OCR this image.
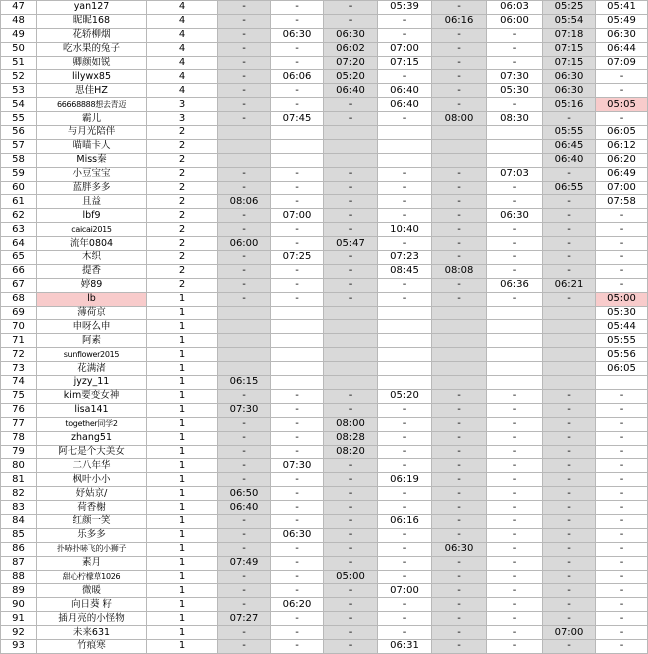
47	yan127	4	-	-	-	05:39	-	06:03	05:25	05:41
48	昵昵168	4	-	-	-	-	06:16	06:00	05:54	05:49
49	花轿柳烟	4	-	06:30	06:30	-	-	-	07:18	06:30
50	吃水果的兔子	4	-	-	06:02	07:00	-	-	07:15	06:44
51	卿颜如锐	4	-	-	07:20	07:15	-	-	07:15	07:09
52	lilywx85	4	-	06:06	05:20	-	-	07:30	06:30	-
53	思佳HZ	4	-	-	06:40	06:40	-	05:30	06:30	-
54	66668888想去青迈	3	-	-	-	06:40	-	-	05:16	05:05
55	霸儿	3	-	07:45	-	-	08:00	08:30	-	-
56	与月光陪伴	2							05:55	06:05
57	喵喵卡人	2							06:45	06:12
58	Miss秦	2							06:40	06:20
59	小豆宝宝	2	-	-	-	-	-	07:03	-	06:49
60	蓝胖多多	2	-	-	-	-	-	-	06:55	07:00
61	且益	2	08:06	-	-	-	-	-	-	07:58
62	lbf9	2	-	07:00	-	-	-	06:30	-	-
63	caicai2015	2	-	-	-	10:40	-	-	-	-
64	流年0804	2	06:00	-	05:47	-	-	-	-	-
65	木织	2	-	07:25	-	07:23	-	-	-	-
66	提香	2	-	-	-	08:45	08:08	-	-	-
67	婷89	2	-	-	-	-	-	06:36	06:21	-
68	lb	1	-	-	-	-	-	-	-	05:00
69	薄荷京	1								05:30
70	申呀么申	1								05:44
71	阿素	1								05:55
72	sunflower2015	1								05:56
73	花满渚	1								06:05
74	jyzy_11	1	06:15							
75	kim要变女神	1	-	-	-	05:20	-	-	-	-
76	lisa141	1	07:30	-	-	-	-	-	-	-
77	together同学2	1	-	-	08:00	-	-	-	-	-
78	zhang51	1	-	-	08:28	-	-	-	-	-
79	阿七是个大美女	1	-	-	08:20	-	-	-	-	-
80	二八年华	1	-	07:30	-	-	-	-	-	-
81	枫叶小小	1	-	-	-	06:19	-	-	-	-
82	妤姑京/	1	06:50	-	-	-	-	-	-	-
83	荷香榭	1	06:40	-	-	-	-	-	-	-
84	红颜一笑	1	-	-	-	06:16	-	-	-	-
85	乐多多	1	-	06:30	-	-	-	-	-	-
86	扑哧扑哧飞的小狮子	1	-	-	-	-	06:30	-	-	-
87	素月	1	07:49	-	-	-	-	-	-	-
88	甜心柠檬草1026	1	-	-	05:00	-	-	-	-	-
89	微暖	1	-	-	-	07:00	-	-	-	-
90	向日葵 籽	1	-	06:20	-	-	-	-	-	-
91	插月亮的小怪物	1	07:27	-	-	-	-	-	-	-
92	未来631	1	-	-	-	-	-	-	07:00	-
93	竹痕寒	1	-	-	-	06:31	-	-	-	-
